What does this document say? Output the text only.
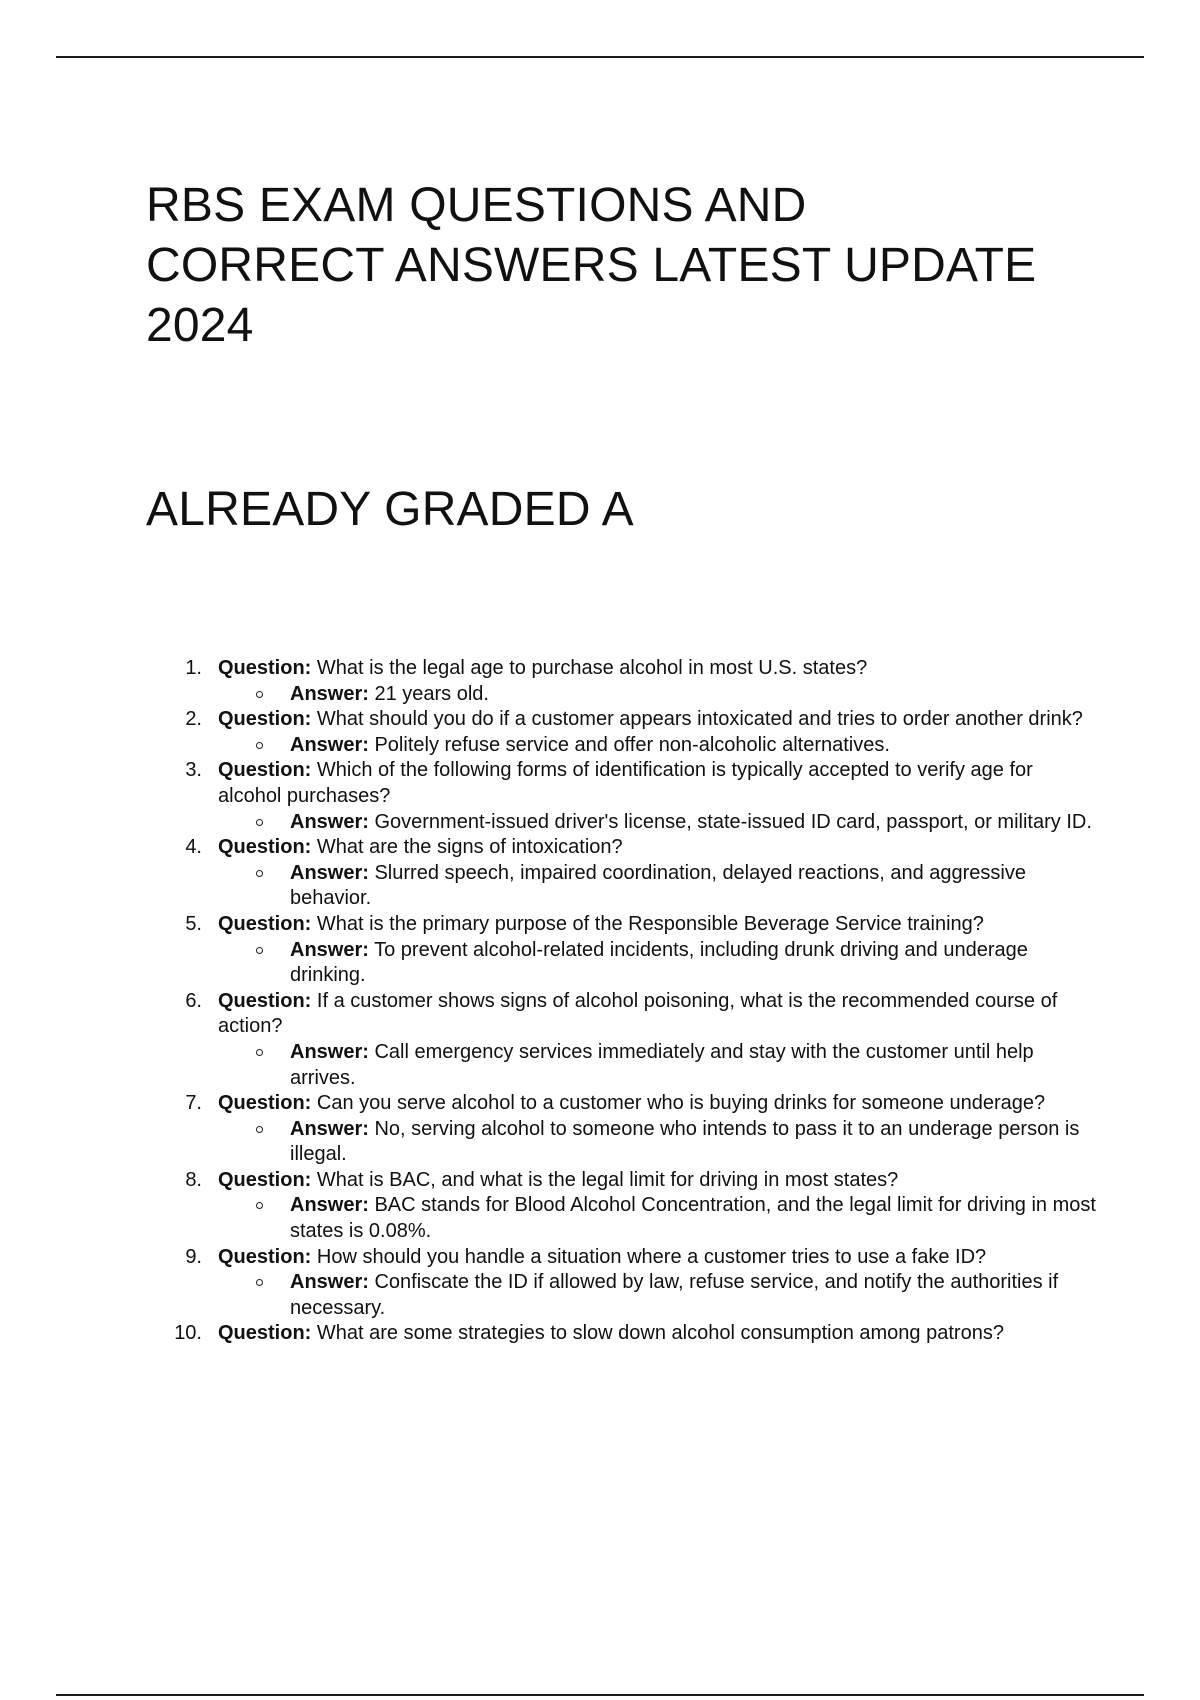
RBS EXAM QUESTIONS AND CORRECT ANSWERS LATEST UPDATE 2024
ALREADY GRADED A
1. Question: What is the legal age to purchase alcohol in most U.S. states?
Answer: 21 years old.
2. Question: What should you do if a customer appears intoxicated and tries to order another drink?
Answer: Politely refuse service and offer non-alcoholic alternatives.
3. Question: Which of the following forms of identification is typically accepted to verify age for alcohol purchases?
Answer: Government-issued driver's license, state-issued ID card, passport, or military ID.
4. Question: What are the signs of intoxication?
Answer: Slurred speech, impaired coordination, delayed reactions, and aggressive behavior.
5. Question: What is the primary purpose of the Responsible Beverage Service training?
Answer: To prevent alcohol-related incidents, including drunk driving and underage drinking.
6. Question: If a customer shows signs of alcohol poisoning, what is the recommended course of action?
Answer: Call emergency services immediately and stay with the customer until help arrives.
7. Question: Can you serve alcohol to a customer who is buying drinks for someone underage?
Answer: No, serving alcohol to someone who intends to pass it to an underage person is illegal.
8. Question: What is BAC, and what is the legal limit for driving in most states?
Answer: BAC stands for Blood Alcohol Concentration, and the legal limit for driving in most states is 0.08%.
9. Question: How should you handle a situation where a customer tries to use a fake ID?
Answer: Confiscate the ID if allowed by law, refuse service, and notify the authorities if necessary.
10. Question: What are some strategies to slow down alcohol consumption among patrons?
